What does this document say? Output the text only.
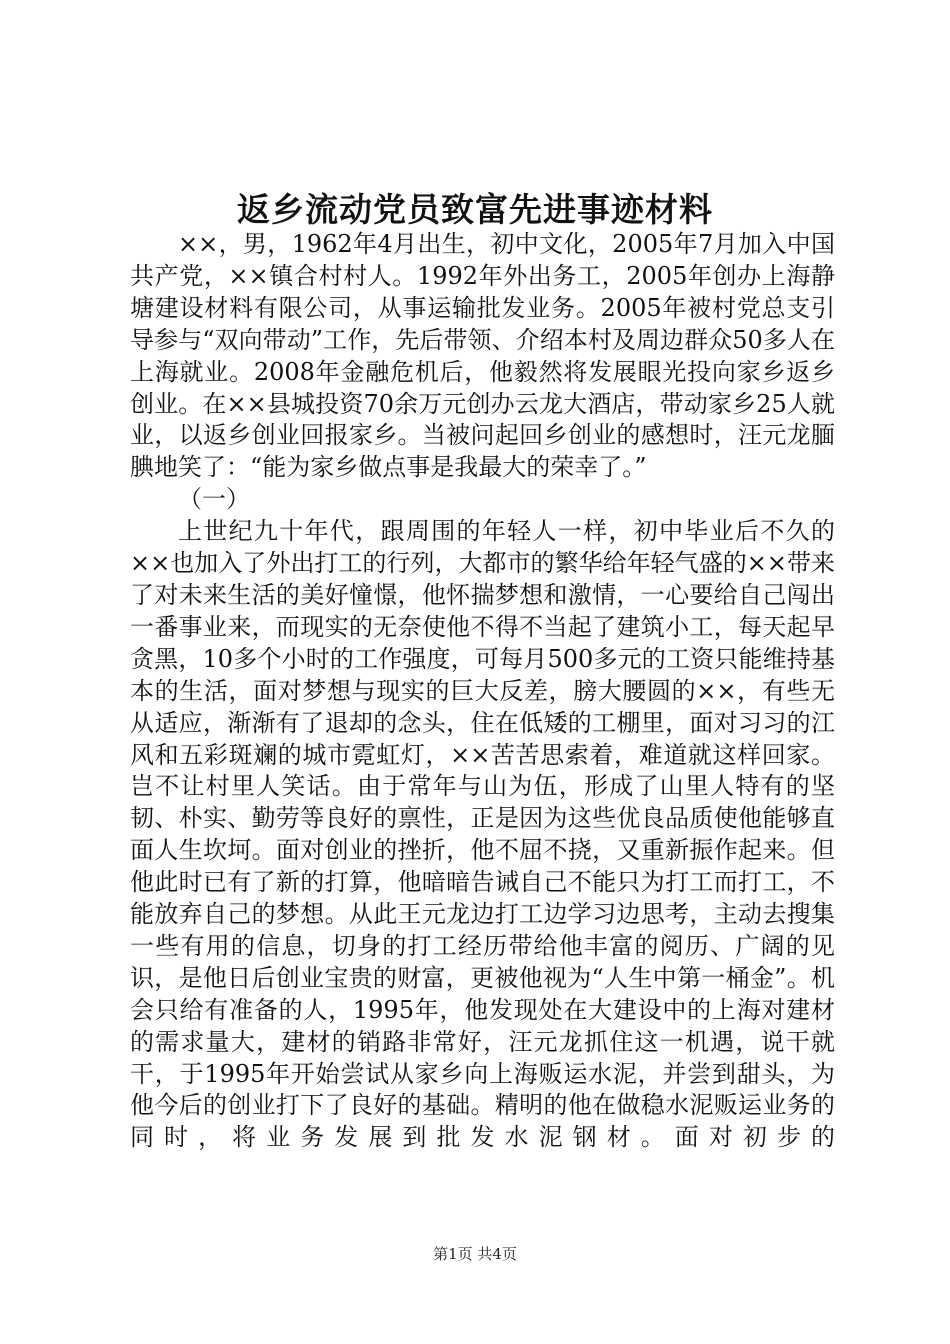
返乡流动党员致富先进事迹材料

××，男，1962年4月出生，初中文化，2005年7月加入中国共产党，××镇合村村人。1992年外出务工，2005年创办上海静塘建设材料有限公司，从事运输批发业务。2005年被村党总支引导参与“双向带动”工作，先后带领、介绍本村及周边群众50多人在上海就业。2008年金融危机后，他毅然将发展眼光投向家乡返乡创业。在××县城投资70余万元创办云龙大酒店，带动家乡25人就业，以返乡创业回报家乡。当被问起回乡创业的感想时，汪元龙腼腆地笑了：“能为家乡做点事是我最大的荣幸了。”

（一）

上世纪九十年代，跟周围的年轻人一样，初中毕业后不久的××也加入了外出打工的行列，大都市的繁华给年轻气盛的××带来了对未来生活的美好憧憬，他怀揣梦想和激情，一心要给自己闯出一番事业来，而现实的无奈使他不得不当起了建筑小工，每天起早贪黑，10多个小时的工作强度，可每月500多元的工资只能维持基本的生活，面对梦想与现实的巨大反差，膀大腰圆的××，有些无从适应，渐渐有了退却的念头，住在低矮的工棚里，面对习习的江风和五彩斑斓的城市霓虹灯，××苦苦思索着，难道就这样回家。岂不让村里人笑话。由于常年与山为伍，形成了山里人特有的坚韧、朴实、勤劳等良好的禀性，正是因为这些优良品质使他能够直面人生坎坷。面对创业的挫折，他不屈不挠，又重新振作起来。但他此时已有了新的打算，他暗暗告诫自己不能只为打工而打工，不能放弃自己的梦想。从此王元龙边打工边学习边思考，主动去搜集一些有用的信息，切身的打工经历带给他丰富的阅历、广阔的见识，是他日后创业宝贵的财富，更被他视为“人生中第一桶金”。机会只给有准备的人，1995年，他发现处在大建设中的上海对建材的需求量大，建材的销路非常好，汪元龙抓住这一机遇，说干就干，于1995年开始尝试从家乡向上海贩运水泥，并尝到甜头，为他今后的创业打下了良好的基础。精明的他在做稳水泥贩运业务的同时，将业务发展到批发水泥钢材。面对初步的

第1页 共4页
